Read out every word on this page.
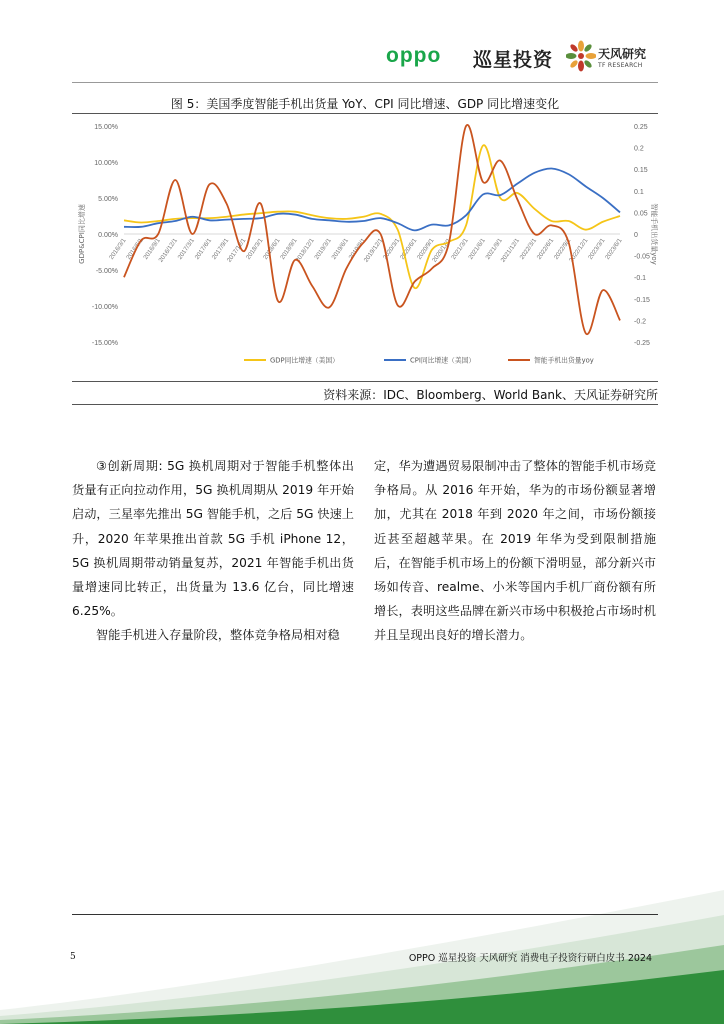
oppo 巡星投资	天风研究
TF RESEARCH
图 5：美国季度智能手机出货量 YoY、CPI 同比增速、GDP 同比增速变化
15.00%
10.00%
5.00%
0.00%
-5.00%
-10.00%
-15.00%
0.25
0.2
0.15
0.1
0.05
0
-0.05
-0.1
-0.15
-0.2
-0.25
GDP&CPI同比增速	智能手机出货量yoy
2016/3/1
2016/6/1
2016/9/1
2016/12/1
2017/3/1
2017/6/1
2017/9/1
2017/12/1
2018/3/1
2018/6/1
2018/9/1
2018/12/1
2019/3/1
2019/6/1
2019/9/1
2019/12/1
2020/3/1
2020/6/1
2020/9/1
2020/12/1
2021/3/1
2021/6/1
2021/9/1
2021/12/1
2022/3/1
2022/6/1
2022/9/1
2022/12/1
2023/3/1
2023/6/1
GDP同比增速（美国）	CPI同比增速（美国）	智能手机出货量yoy
资料来源：IDC、Bloomberg、World Bank、天风证券研究所

③创新周期: 5G 换机周期对于智能手机整体出货量有正向拉动作用，5G 换机周期从 2019 年开始启动，三星率先推出 5G 智能手机，之后 5G 快速上升，2020 年苹果推出首款 5G 手机 iPhone 12，5G 换机周期带动销量复苏，2021 年智能手机出货量增速同比转正，出货量为 13.6 亿台，同比增速 6.25%。

智能手机进入存量阶段，整体竞争格局相对稳

定，华为遭遇贸易限制冲击了整体的智能手机市场竞争格局。从 2016 年开始，华为的市场份额显著增加，尤其在 2018 年到 2020 年之间，市场份额接近甚至超越苹果。在 2019 年华为受到限制措施后，在智能手机市场上的份额下滑明显，部分新兴市场如传音、realme、小米等国内手机厂商份额有所增长，表明这些品牌在新兴市场中积极抢占市场时机并且呈现出良好的增长潜力。

5	OPPO 巡星投资 天风研究 消费电子投资行研白皮书 2024
